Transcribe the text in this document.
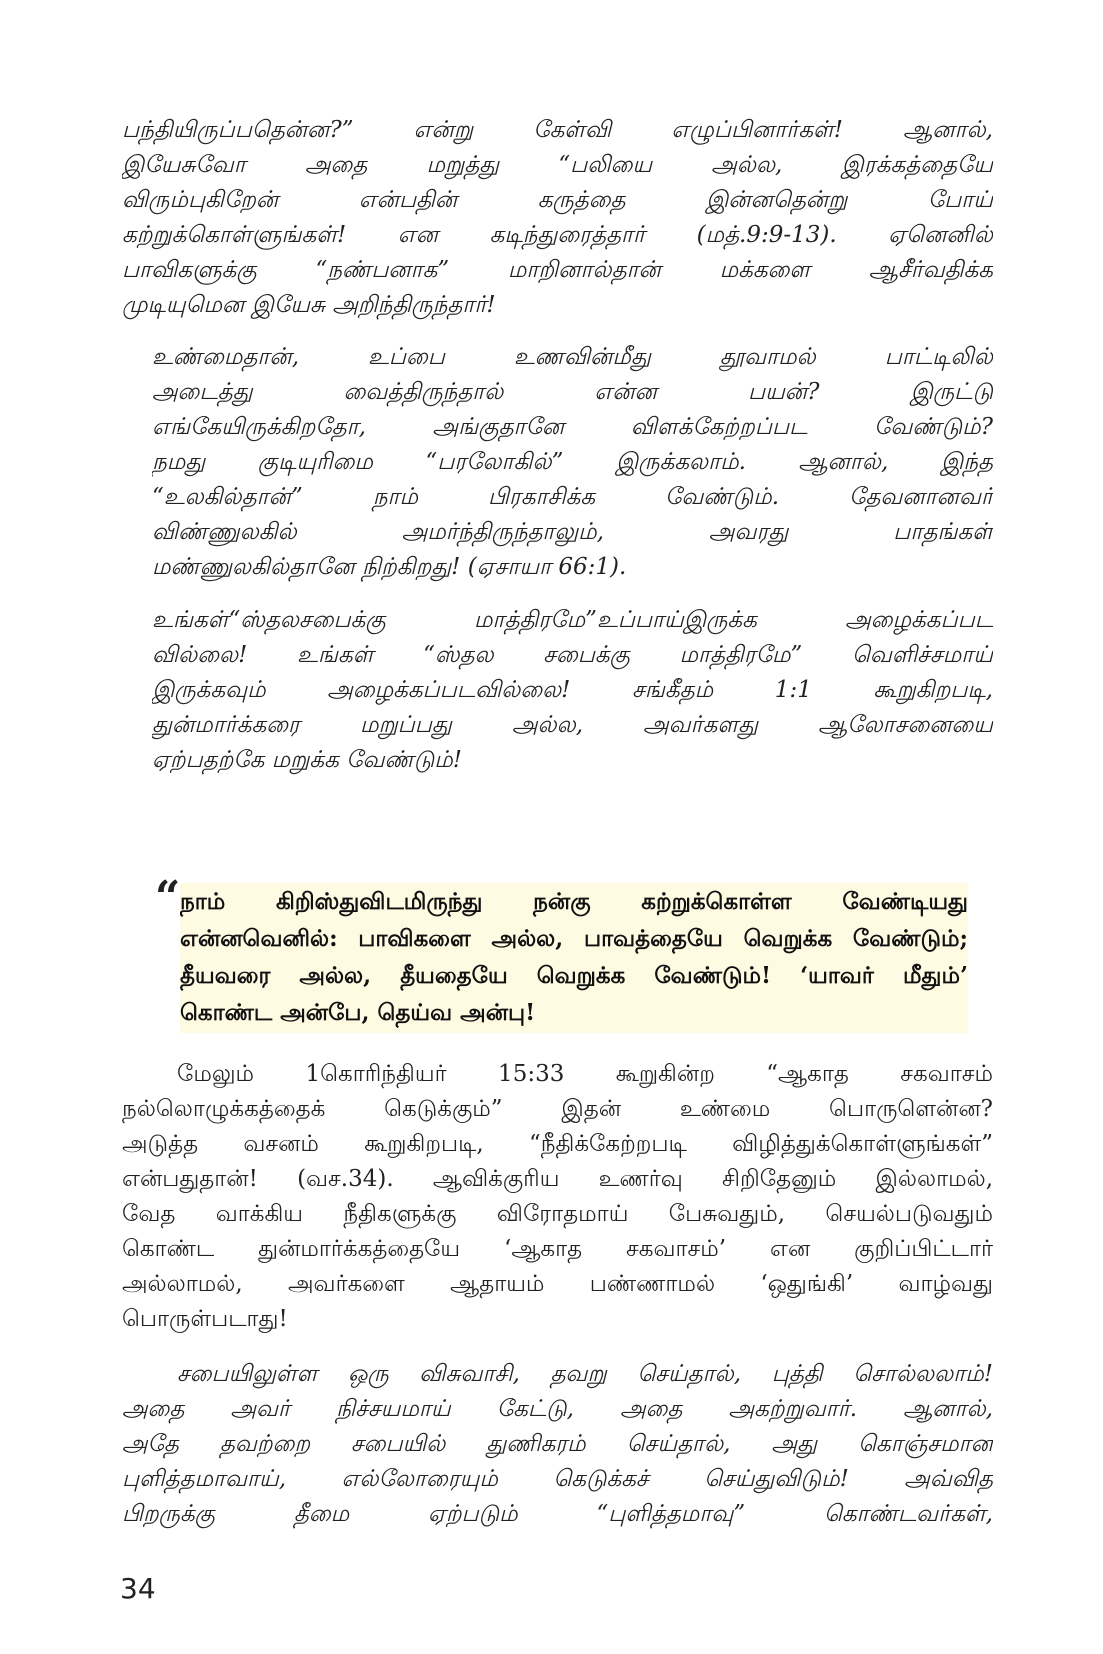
பந்தியிருப்பதென்ன?” என்று கேள்வி எழுப்பினார்கள்! ஆனால்,
இயேசுவோ அதை மறுத்து “பலியை அல்ல, இரக்கத்தையே
விரும்புகிறேன் என்பதின் கருத்தை இன்னதென்று போய்
கற்றுக்கொள்ளுங்கள்! என கடிந்துரைத்தார் (மத்.9:9-13). ஏனெனில்
பாவிகளுக்கு “நண்பனாக” மாறினால்தான் மக்களை ஆசீர்வதிக்க
முடியுமென இயேசு அறிந்திருந்தார்!
உண்மைதான், உப்பை உணவின்மீது தூவாமல் பாட்டிலில்
அடைத்து வைத்திருந்தால் என்ன பயன்? இருட்டு
எங்கேயிருக்கிறதோ, அங்குதானே விளக்கேற்றப்பட வேண்டும்?
நமது குடியுரிமை “பரலோகில்” இருக்கலாம். ஆனால், இந்த
“உலகில்தான்” நாம் பிரகாசிக்க வேண்டும். தேவனானவர்
விண்ணுலகில் அமர்ந்திருந்தாலும், அவரது பாதங்கள்
மண்ணுலகில்தானே நிற்கிறது! (ஏசாயா 66:1).
உங்கள்“ஸ்தலசபைக்கு மாத்திரமே”உப்பாய்இருக்க அழைக்கப்பட
வில்லை! உங்கள் “ஸ்தல சபைக்கு மாத்திரமே” வெளிச்சமாய்
இருக்கவும் அழைக்கப்படவில்லை! சங்கீதம் 1:1 கூறுகிறபடி,
துன்மார்க்கரை மறுப்பது அல்ல, அவர்களது ஆலோசனையை
ஏற்பதற்கே மறுக்க வேண்டும்!
“ நாம் கிறிஸ்துவிடமிருந்து நன்கு கற்றுக்கொள்ள வேண்டியது
என்னவெனில்: பாவிகளை அல்ல, பாவத்தையே வெறுக்க வேண்டும்;
தீயவரை அல்ல, தீயதையே வெறுக்க வேண்டும்! ‘யாவர் மீதும்’
கொண்ட அன்பே, தெய்வ அன்பு!
மேலும் 1கொரிந்தியர் 15:33 கூறுகின்ற “ஆகாத சகவாசம்
நல்லொழுக்கத்தைக் கெடுக்கும்” இதன் உண்மை பொருளென்ன?
அடுத்த வசனம் கூறுகிறபடி, “நீதிக்கேற்றபடி விழித்துக்கொள்ளுங்கள்”
என்பதுதான்! (வச.34). ஆவிக்குரிய உணர்வு சிறிதேனும் இல்லாமல்,
வேத வாக்கிய நீதிகளுக்கு விரோதமாய் பேசுவதும், செயல்படுவதும்
கொண்ட துன்மார்க்கத்தையே ‘ஆகாத சகவாசம்’ என குறிப்பிட்டார்
அல்லாமல், அவர்களை ஆதாயம் பண்ணாமல் ‘ஒதுங்கி’ வாழ்வது
பொருள்படாது!
சபையிலுள்ள ஒரு விசுவாசி, தவறு செய்தால், புத்தி சொல்லலாம்!
அதை அவர் நிச்சயமாய் கேட்டு, அதை அகற்றுவார். ஆனால்,
அதே தவற்றை சபையில் துணிகரம் செய்தால், அது கொஞ்சமான
புளித்தமாவாய், எல்லோரையும் கெடுக்கச் செய்துவிடும்! அவ்வித
பிறருக்கு தீமை ஏற்படும் “புளித்தமாவு” கொண்டவர்கள்,
34
